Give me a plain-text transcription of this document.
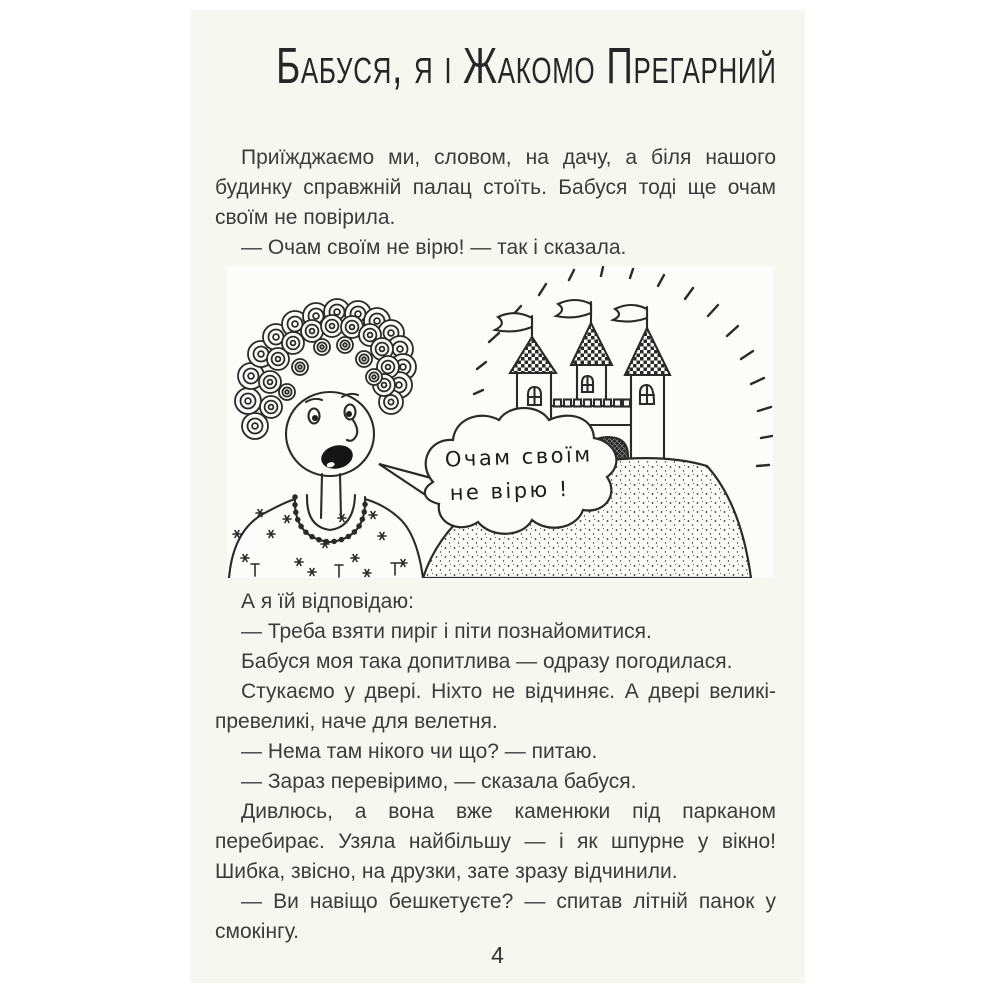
Бабуся, я і Жакомо Прегарний

Приїжджаємо ми, словом, на дачу, а біля нашого будинку справжній палац стоїть. Бабуся тоді ще очам своїм не повірила.

— Очам своїм не вірю! — так і сказала.

Очам своїм
не вірю !

А я їй відповідаю:

— Треба взяти пиріг і піти познайомитися.

Бабуся моя така допитлива — одразу погодилася.

Стукаємо у двері. Ніхто не відчиняє. А двері великі-превеликі, наче для велетня.

— Нема там нікого чи що? — питаю.

— Зараз перевіримо, — сказала бабуся.

Дивлюсь, а вона вже каменюки під парканом перебирає. Узяла найбільшу — і як шпурне у вікно! Шибка, звісно, на друзки, зате зразу відчинили.

— Ви навіщо бешкетуєте? — спитав літній панок у смокінгу.

4
